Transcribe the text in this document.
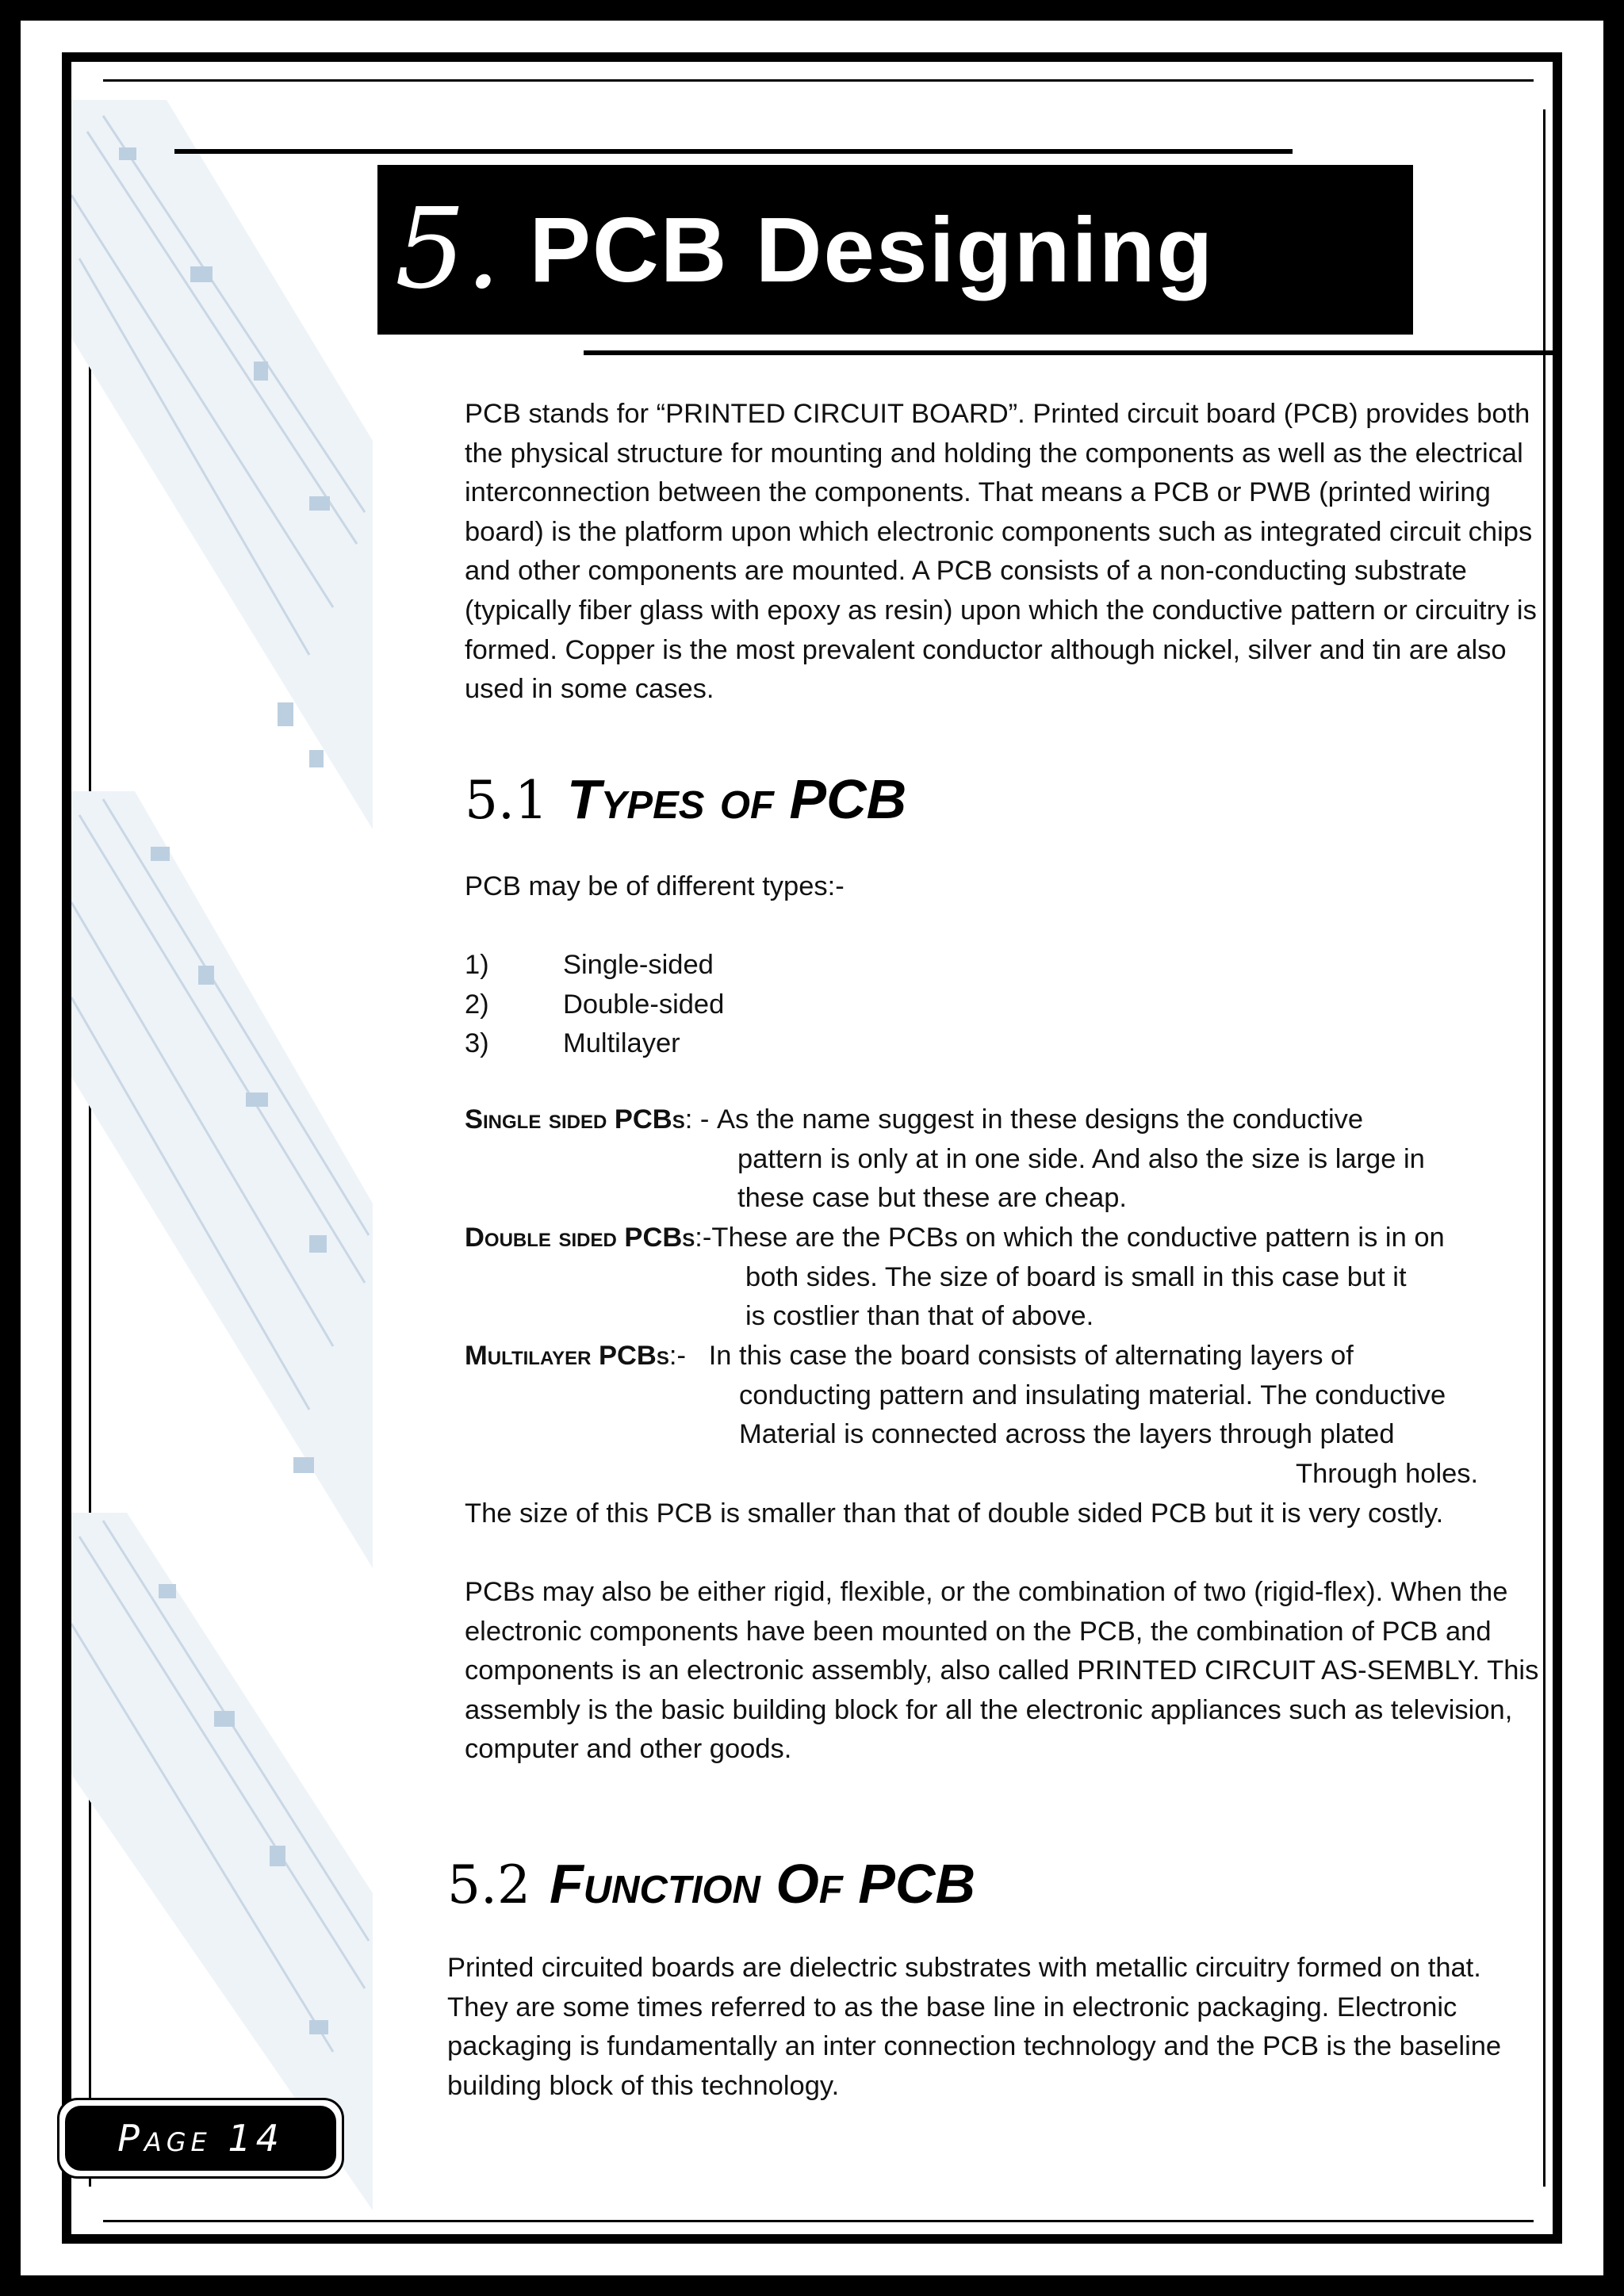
5. PCB Designing

PCB stands for “PRINTED CIRCUIT BOARD”. Printed circuit board (PCB) provides both the physical structure for mounting and holding the components as well as the electrical interconnection between the components. That means a PCB or PWB (printed wiring board) is the platform upon which electronic components such as integrated circuit chips and other components are mounted. A PCB consists of a non-conducting substrate (typically fiber glass with epoxy as resin) upon which the conductive pattern or circuitry is formed. Copper is the most prevalent conductor although nickel, silver and tin are also used in some cases.

5.1 Types of PCB

PCB may be of different types:-

1)	Single-sided
2)	Double-sided
3)	Multilayer
Single sided PCBs: - As the name suggest in these designs the conductive
pattern is only at in one side. And also the size is large in
these case but these are cheap.
Double sided PCBs:- These are the PCBs on which the conductive pattern is in on
both sides. The size of board is small in this case but it
is costlier than that of above.
Multilayer PCBs:- In this case the board consists of alternating layers of
conducting pattern and insulating material. The conductive
Material is connected across the layers through plated
Through holes.

The size of this PCB is smaller than that of double sided PCB but it is very costly.

PCBs may also be either rigid, flexible, or the combination of two (rigid-flex). When the electronic components have been mounted on the PCB, the combination of PCB and components is an electronic assembly, also called PRINTED CIRCUIT AS-SEMBLY. This assembly is the basic building block for all the electronic appliances such as television, computer and other goods.

5.2 Function Of PCB

Printed circuited boards are dielectric substrates with metallic circuitry formed on that. They are some times referred to as the base line in electronic packaging. Electronic packaging is fundamentally an inter connection technology and the PCB is the baseline building block of this technology.

Page 14
